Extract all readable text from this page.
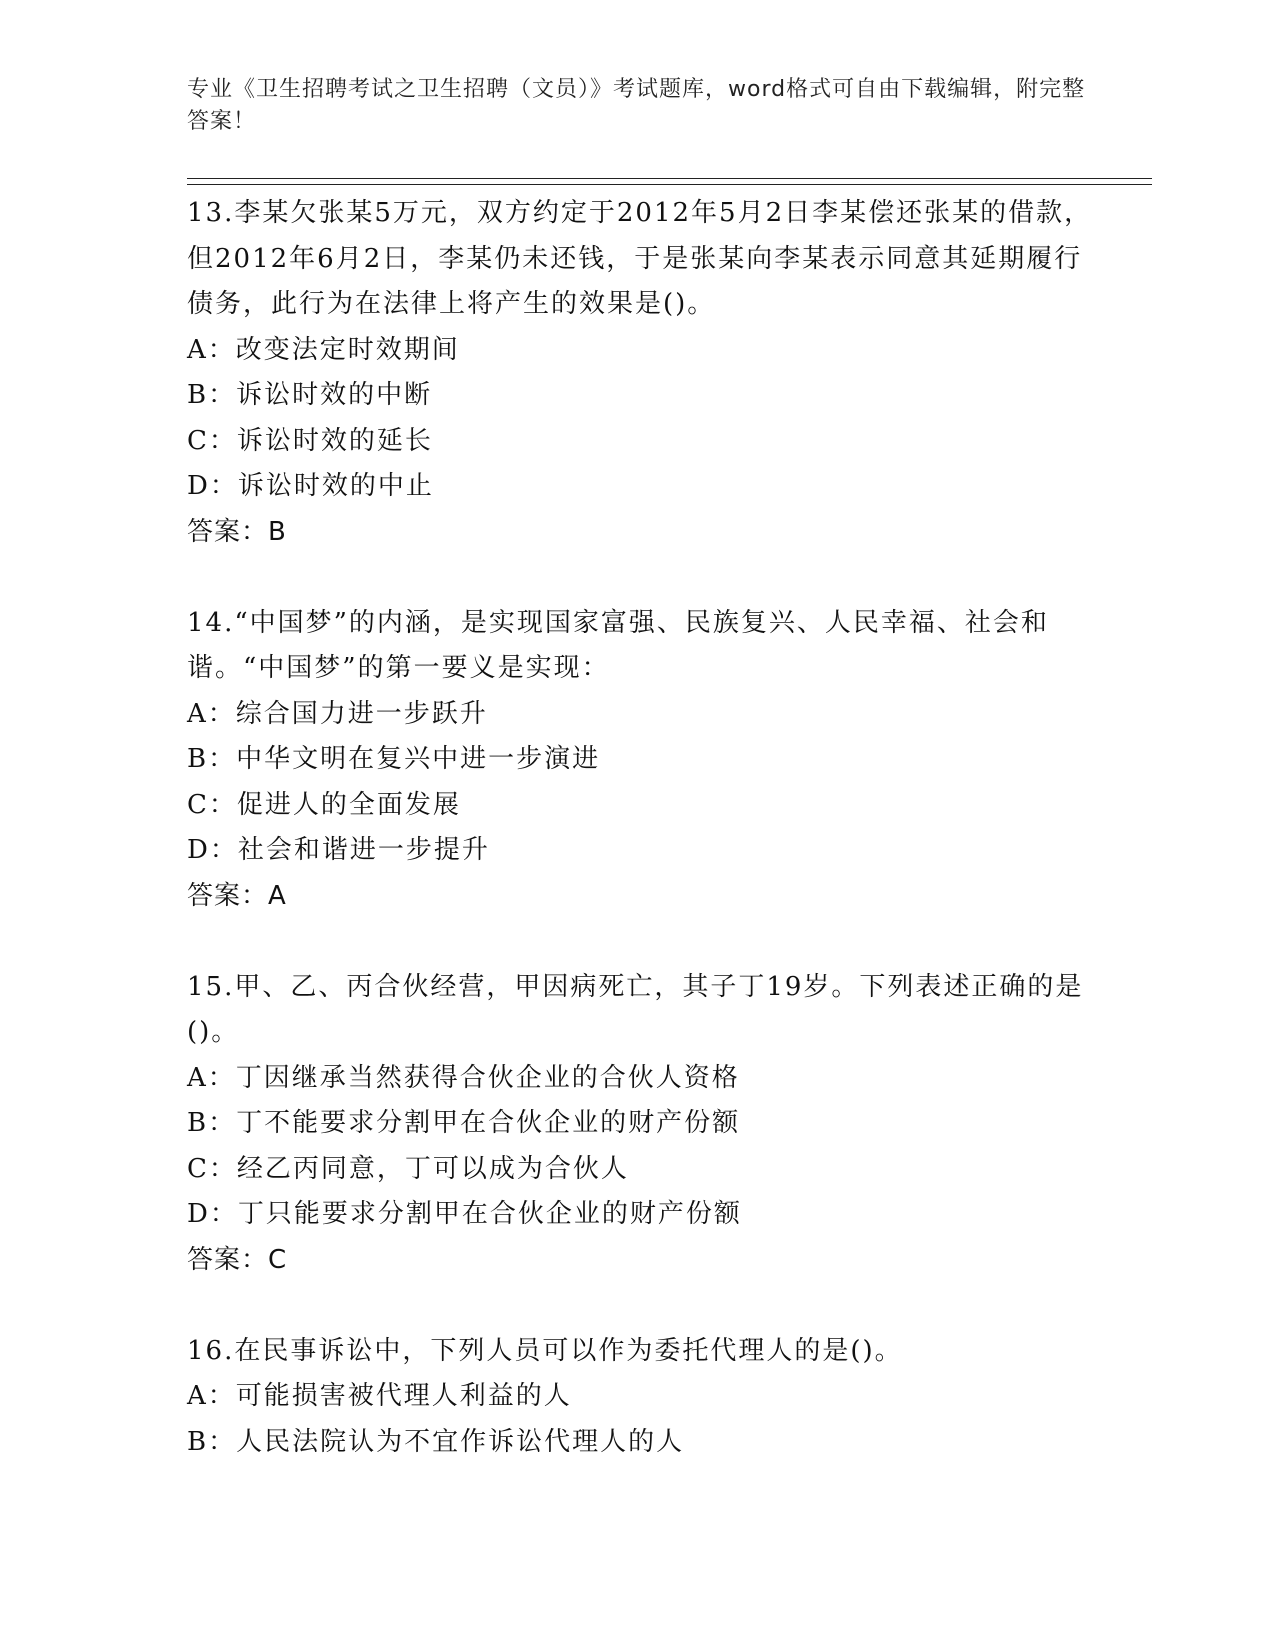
专业《卫生招聘考试之卫生招聘（文员）》考试题库，word格式可自由下载编辑，附完整答案！

13.李某欠张某5万元，双方约定于2012年5月2日李某偿还张某的借款，但2012年6月2日，李某仍未还钱，于是张某向李某表示同意其延期履行债务，此行为在法律上将产生的效果是()。

A：改变法定时效期间

B：诉讼时效的中断

C：诉讼时效的延长

D：诉讼时效的中止

答案：B

14.“中国梦”的内涵，是实现国家富强、民族复兴、人民幸福、社会和谐。“中国梦”的第一要义是实现：

A：综合国力进一步跃升

B：中华文明在复兴中进一步演进

C：促进人的全面发展

D：社会和谐进一步提升

答案：A

15.甲、乙、丙合伙经营，甲因病死亡，其子丁19岁。下列表述正确的是()。

A：丁因继承当然获得合伙企业的合伙人资格

B：丁不能要求分割甲在合伙企业的财产份额

C：经乙丙同意，丁可以成为合伙人

D：丁只能要求分割甲在合伙企业的财产份额

答案：C

16.在民事诉讼中，下列人员可以作为委托代理人的是()。

A：可能损害被代理人利益的人

B：人民法院认为不宜作诉讼代理人的人
